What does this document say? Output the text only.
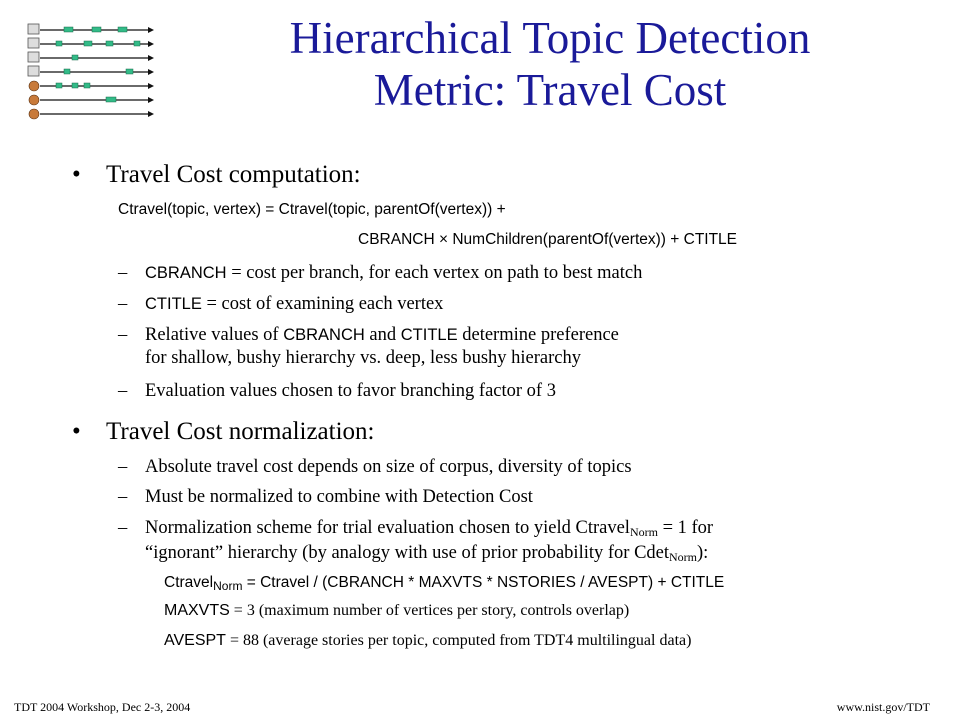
Hierarchical Topic Detection
Metric: Travel Cost
• Travel Cost computation:
Ctravel(topic, vertex) = Ctravel(topic, parentOf(vertex)) +
CBRANCH × NumChildren(parentOf(vertex)) + CTITLE
– CBRANCH = cost per branch, for each vertex on path to best match
– CTITLE = cost of examining each vertex
– Relative values of CBRANCH and CTITLE determine preference
for shallow, bushy hierarchy vs. deep, less bushy hierarchy
– Evaluation values chosen to favor branching factor of 3
• Travel Cost normalization:
– Absolute travel cost depends on size of corpus, diversity of topics
– Must be normalized to combine with Detection Cost
– Normalization scheme for trial evaluation chosen to yield Ctravel$_{Norm}$ = 1 for
“ignorant” hierarchy (by analogy with use of prior probability for Cdet$_{Norm}$):
Ctravel$_{Norm}$ = Ctravel / (CBRANCH * MAXVTS * NSTORIES / AVESPT) + CTITLE
MAXVTS = 3 (maximum number of vertices per story, controls overlap)
AVESPT = 88 (average stories per topic, computed from TDT4 multilingual data)
TDT 2004 Workshop, Dec 2-3, 2004	www.nist.gov/TDT
